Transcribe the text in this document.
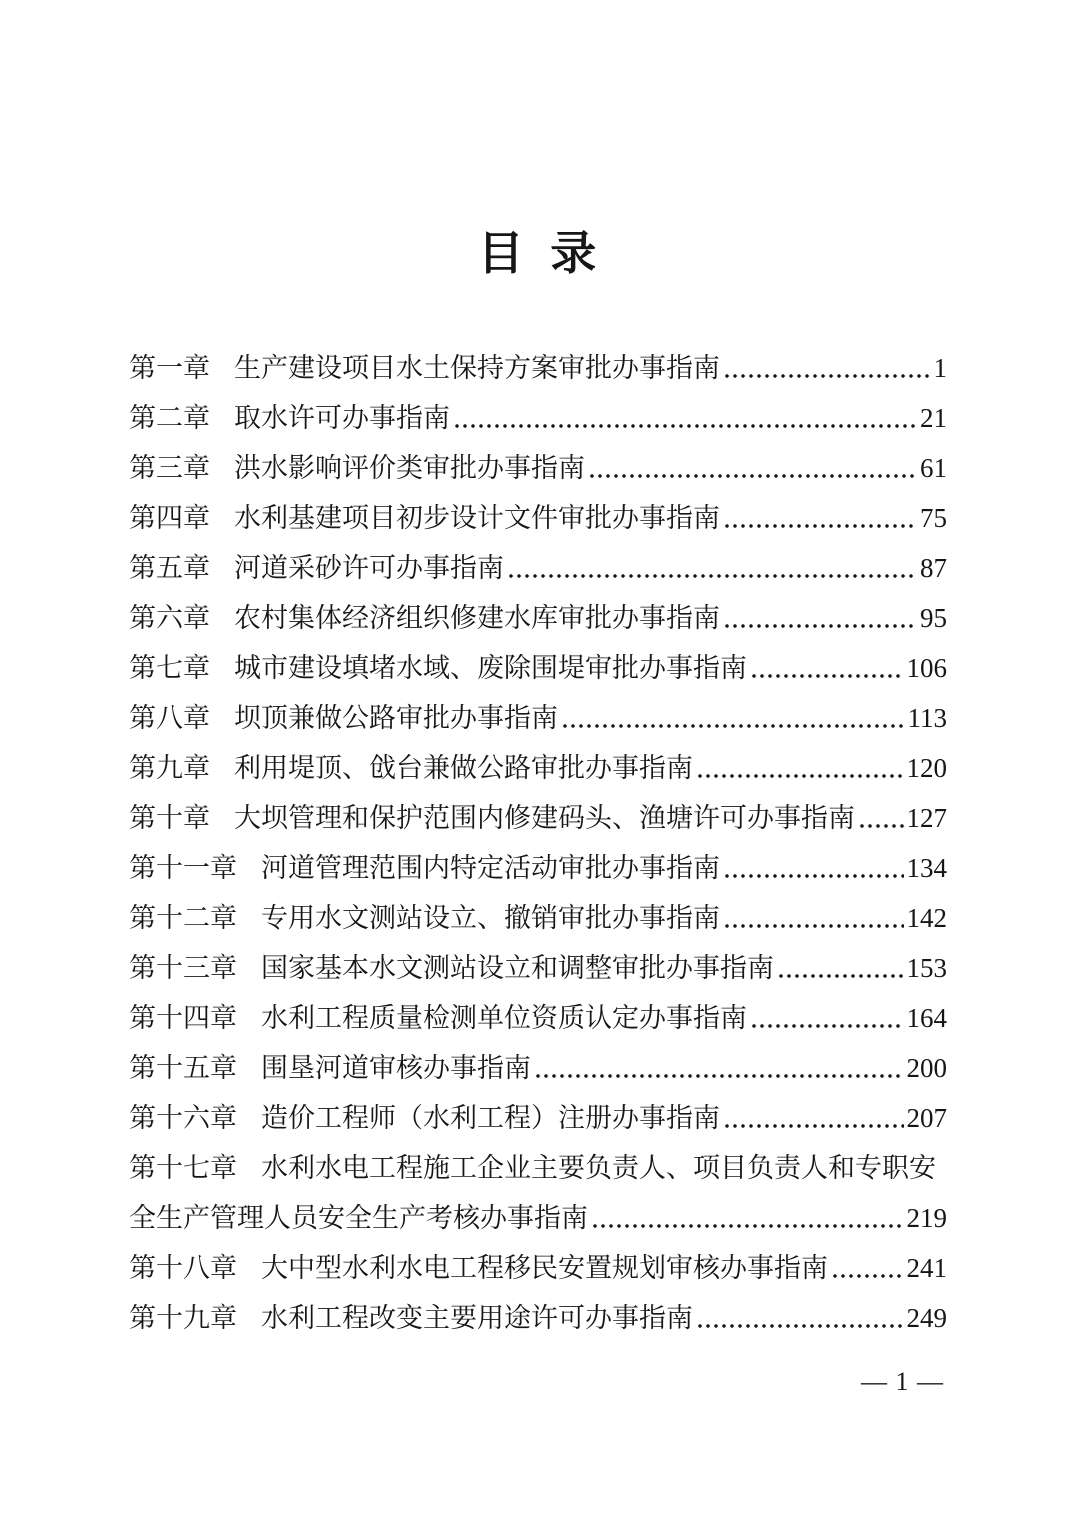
目 录
第一章 生产建设项目水土保持方案审批办事指南	1
第二章 取水许可办事指南	21
第三章 洪水影响评价类审批办事指南	61
第四章 水利基建项目初步设计文件审批办事指南	75
第五章 河道采砂许可办事指南	87
第六章 农村集体经济组织修建水库审批办事指南	95
第七章 城市建设填堵水域、废除围堤审批办事指南	106
第八章 坝顶兼做公路审批办事指南	113
第九章 利用堤顶、戗台兼做公路审批办事指南	120
第十章 大坝管理和保护范围内修建码头、渔塘许可办事指南 127
第十一章 河道管理范围内特定活动审批办事指南	134
第十二章 专用水文测站设立、撤销审批办事指南	142
第十三章 国家基本水文测站设立和调整审批办事指南	153
第十四章 水利工程质量检测单位资质认定办事指南	164
第十五章 围垦河道审核办事指南	200
第十六章 造价工程师（水利工程）注册办事指南	207
第十七章 水利水电工程施工企业主要负责人、项目负责人和专职安
全生产管理人员安全生产考核办事指南	219
第十八章 大中型水利水电工程移民安置规划审核办事指南	241
第十九章 水利工程改变主要用途许可办事指南	249
— 1 —
